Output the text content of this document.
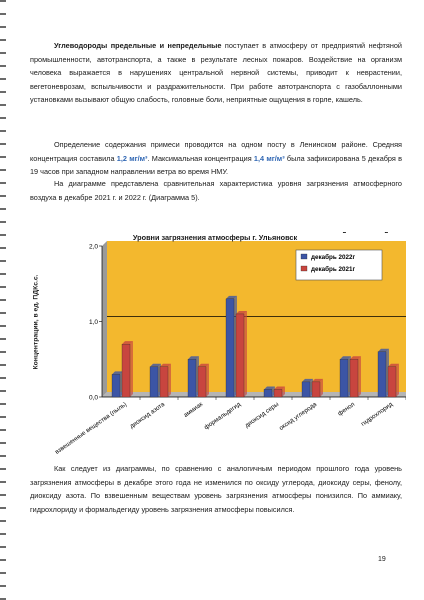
Углеводороды предельные и непредельные поступает в атмосферу от предприятий нефтяной промышленности, автотранспорта, а также в результате лесных пожаров. Воздействие на организм человека выражается в нарушениях центральной нервной системы, приводит к неврастении, вегетоневрозам, вспыльчивости и раздражительности. При работе автотранспорта с газобаллонными установками вызывают общую слабость, головные боли, неприятные ощущения в горле, кашель.

Определение содержания примеси проводится на одном посту в Ленинском районе. Средняя концентрация составила 1,2 мг/м³. Максимальная концентрация 1,4 мг/м³ была зафиксирована 5 декабря в 19 часов при западном направлении ветра во время НМУ.

На диаграмме представлена сравнительная характеристика уровня загрязнения атмосферного воздуха в декабре 2021 г. и 2022 г. (Диаграмма 5).

0,0
1,0
2,0
взвешенные вещества (пыль) диоксид азота	аммиак
формальдегид диоксид серы
оксид углерода	фенол гидрохлорид
декабрь 2022г
декабрь 2021г
Уровни загрязнения атмосферы г. Ульяновск
Концентрации, в ед. ПДКс.с.

Как следует из диаграммы, по сравнению с аналогичным периодом прошлого года уровень загрязнения атмосферы в декабре этого года не изменился по оксиду углерода, диоксиду серы, фенолу, диоксиду азота. По взвешенным веществам уровень загрязнения атмосферы понизился. По аммиаку, гидрохлориду и формальдегиду уровень загрязнения атмосферы повысился.

19
